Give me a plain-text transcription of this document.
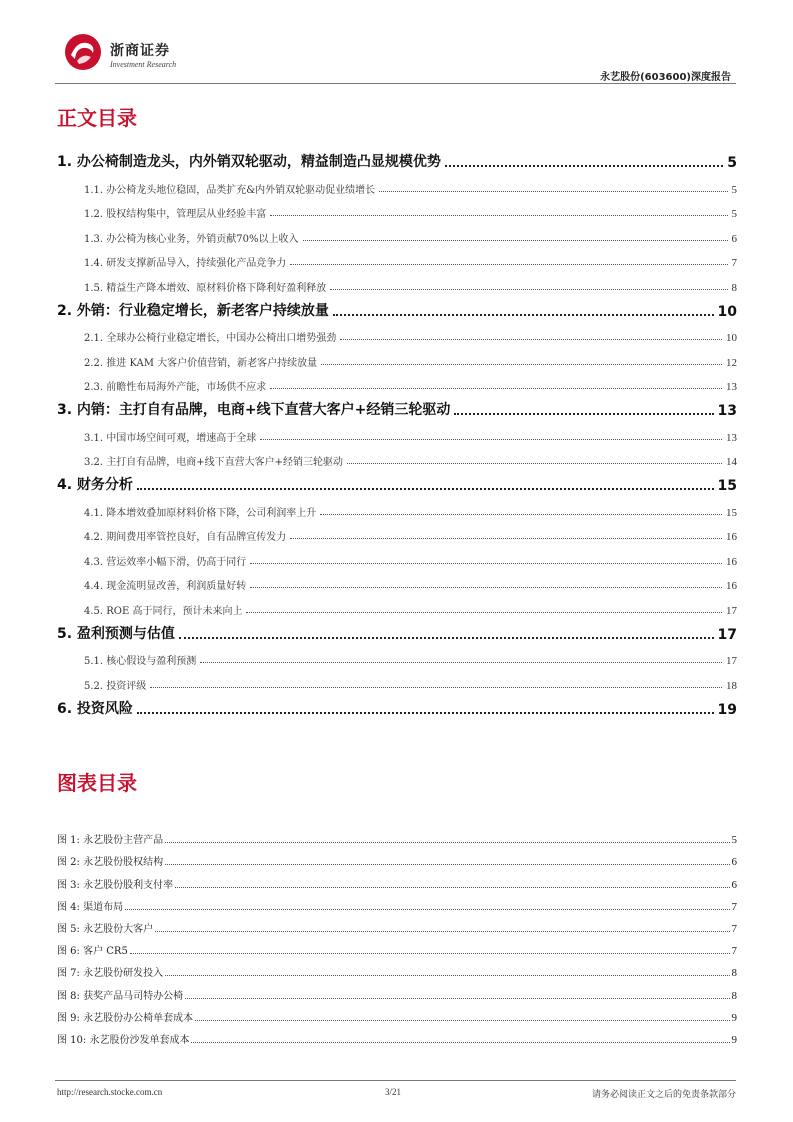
浙商证券
Investment Research
永艺股份(603600)深度报告
正文目录
1. 办公椅制造龙头，内外销双轮驱动，精益制造凸显规模优势	5
1.1. 办公椅龙头地位稳固，品类扩充&内外销双轮驱动促业绩增长	5
1.2. 股权结构集中，管理层从业经验丰富	5
1.3. 办公椅为核心业务，外销贡献70%以上收入	6
1.4. 研发支撑新品导入，持续强化产品竞争力	7
1.5. 精益生产降本增效、原材料价格下降利好盈利释放	8
2. 外销：行业稳定增长，新老客户持续放量	10
2.1. 全球办公椅行业稳定增长，中国办公椅出口增势强劲	10
2.2. 推进 KAM 大客户价值营销，新老客户持续放量	12
2.3. 前瞻性布局海外产能，市场供不应求	13
3. 内销：主打自有品牌，电商+线下直营大客户+经销三轮驱动	13
3.1. 中国市场空间可观，增速高于全球	13
3.2. 主打自有品牌，电商+线下直营大客户+经销三轮驱动	14
4. 财务分析	15
4.1. 降本增效叠加原材料价格下降，公司利润率上升	15
4.2. 期间费用率管控良好，自有品牌宣传发力	16
4.3. 营运效率小幅下滑，仍高于同行	16
4.4. 现金流明显改善，利润质量好转	16
4.5. ROE 高于同行，预计未来向上	17
5. 盈利预测与估值	17
5.1. 核心假设与盈利预测	17
5.2. 投资评级	18
6. 投资风险	19
图表目录
图 1: 永艺股份主营产品	5
图 2: 永艺股份股权结构	6
图 3: 永艺股份股利支付率	6
图 4: 渠道布局	7
图 5: 永艺股份大客户	7
图 6: 客户 CR5	7
图 7: 永艺股份研发投入	8
图 8: 获奖产品马司特办公椅	8
图 9: 永艺股份办公椅单套成本	9
图 10: 永艺股份沙发单套成本	9
http://research.stocke.com.cn	3/21	请务必阅读正文之后的免责条款部分
